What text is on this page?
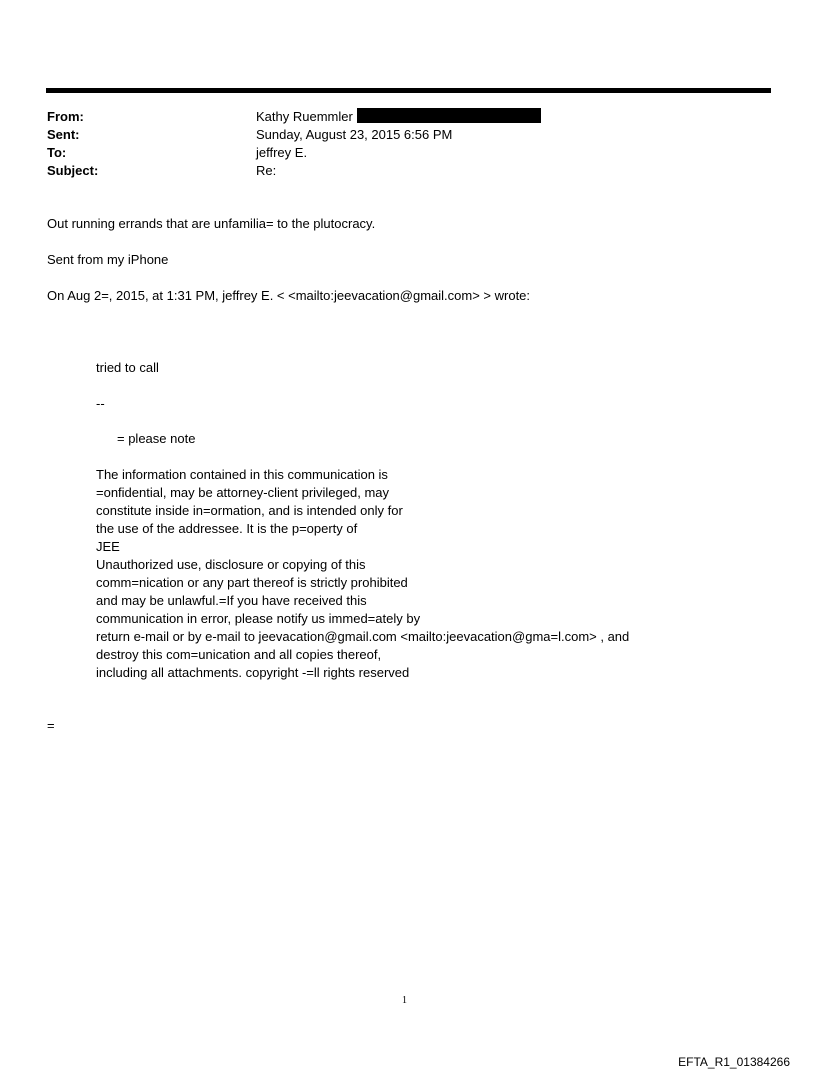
From:	Kathy Ruemmler
Sent:	Sunday, August 23, 2015 6:56 PM
To:	jeffrey E.
Subject:	Re:
Out running errands that are unfamilia= to the plutocracy.
Sent from my iPhone
On Aug 2=, 2015, at 1:31 PM, jeffrey E. < <mailto:jeevacation@gmail.com> > wrote:
tried to call
--
= please note
The information contained in this communication is
=onfidential, may be attorney-client privileged, may
constitute inside in=ormation, and is intended only for
the use of the addressee. It is the p=operty of
JEE
Unauthorized use, disclosure or copying of this
comm=nication or any part thereof is strictly prohibited
and may be unlawful.=If you have received this
communication in error, please notify us immed=ately by
return e-mail or by e-mail to jeevacation@gmail.com <mailto:jeevacation@gma=l.com> , and
destroy this com=unication and all copies thereof,
including all attachments. copyright -=ll rights reserved
=
1
EFTA_R1_01384266
